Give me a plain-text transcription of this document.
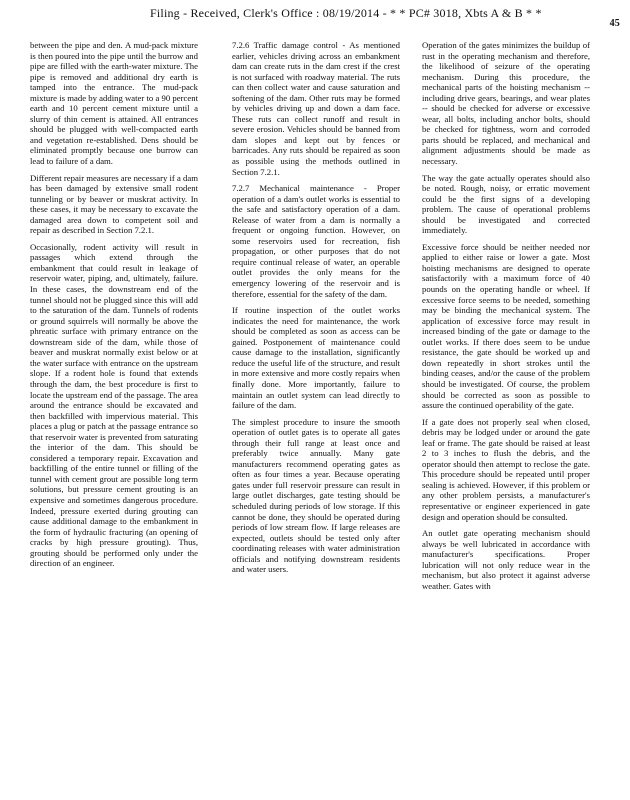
Filing - Received, Clerk's Office : 08/19/2014 - * * PC# 3018, Xbts A & B * *
45

between the pipe and den. A mud-pack mixture is then poured into the pipe until the burrow and pipe are filled with the earth-water mixture. The pipe is removed and additional dry earth is tamped into the entrance. The mud-pack mixture is made by adding water to a 90 percent earth and 10 percent cement mixture until a slurry of thin cement is attained. All entrances should be plugged with well-compacted earth and vegetation re-established. Dens should be eliminated promptly because one burrow can lead to failure of a dam.

Different repair measures are necessary if a dam has been damaged by extensive small rodent tunneling or by beaver or muskrat activity. In these cases, it may be necessary to excavate the damaged area down to competent soil and repair as described in Section 7.2.1.

Occasionally, rodent activity will result in passages which extend through the embankment that could result in leakage of reservoir water, piping, and, ultimately, failure. In these cases, the downstream end of the tunnel should not be plugged since this will add to the saturation of the dam. Tunnels of rodents or ground squirrels will normally be above the phreatic surface with primary entrance on the downstream side of the dam, while those of beaver and muskrat normally exist below or at the water surface with entrance on the upstream slope. If a rodent hole is found that extends through the dam, the best procedure is first to locate the upstream end of the passage. The area around the entrance should be excavated and then backfilled with impervious material. This places a plug or patch at the passage entrance so that reservoir water is prevented from saturating the interior of the dam. This should be considered a temporary repair. Excavation and backfilling of the entire tunnel or filling of the tunnel with cement grout are possible long term solutions, but pressure cement grouting is an expensive and sometimes dangerous procedure. Indeed, pressure exerted during grouting can cause additional damage to the embankment in the form of hydraulic fracturing (an opening of cracks by high pressure grouting). Thus, grouting should be performed only under the direction of an engineer.

7.2.6 Traffic damage control - As mentioned earlier, vehicles driving across an embankment dam can create ruts in the dam crest if the crest is not surfaced with roadway material. The ruts can then collect water and cause saturation and softening of the dam. Other ruts may be formed by vehicles driving up and down a dam face. These ruts can collect runoff and result in severe erosion. Vehicles should be banned from dam slopes and kept out by fences or barricades. Any ruts should be repaired as soon as possible using the methods outlined in Section 7.2.1.

7.2.7 Mechanical maintenance - Proper operation of a dam's outlet works is essential to the safe and satisfactory operation of a dam. Release of water from a dam is normally a frequent or ongoing function. However, on some reservoirs used for recreation, fish propagation, or other purposes that do not require continual release of water, an operable outlet provides the only means for the emergency lowering of the reservoir and is therefore, essential for the safety of the dam.

If routine inspection of the outlet works indicates the need for maintenance, the work should be completed as soon as access can be gained. Postponement of maintenance could cause damage to the installation, significantly reduce the useful life of the structure, and result in more extensive and more costly repairs when finally done. More importantly, failure to maintain an outlet system can lead directly to failure of the dam.

The simplest procedure to insure the smooth operation of outlet gates is to operate all gates through their full range at least once and preferably twice annually. Many gate manufacturers recommend operating gates as often as four times a year. Because operating gates under full reservoir pressure can result in large outlet discharges, gate testing should be scheduled during periods of low storage. If this cannot be done, they should be operated during periods of low stream flow. If large releases are expected, outlets should be tested only after coordinating releases with water administration officials and notifying downstream residents and water users.

Operation of the gates minimizes the buildup of rust in the operating mechanism and therefore, the likelihood of seizure of the operating mechanism. During this procedure, the mechanical parts of the hoisting mechanism -- including drive gears, bearings, and wear plates -- should be checked for adverse or excessive wear, all bolts, including anchor bolts, should be checked for tightness, worn and corroded parts should be replaced, and mechanical and alignment adjustments should be made as necessary.

The way the gate actually operates should also be noted. Rough, noisy, or erratic movement could be the first signs of a developing problem. The cause of operational problems should be investigated and corrected immediately.

Excessive force should be neither needed nor applied to either raise or lower a gate. Most hoisting mechanisms are designed to operate satisfactorily with a maximum force of 40 pounds on the operating handle or wheel. If excessive force seems to be needed, something may be binding the mechanical system. The application of excessive force may result in increased binding of the gate or damage to the outlet works. If there does seem to be undue resistance, the gate should be worked up and down repeatedly in short strokes until the binding ceases, and/or the cause of the problem should be investigated. Of course, the problem should be corrected as soon as possible to assure the continued operability of the gate.

If a gate does not properly seal when closed, debris may be lodged under or around the gate leaf or frame. The gate should be raised at least 2 to 3 inches to flush the debris, and the operator should then attempt to reclose the gate. This procedure should be repeated until proper sealing is achieved. However, if this problem or any other problem persists, a manufacturer's representative or engineer experienced in gate design and operation should be consulted.

An outlet gate operating mechanism should always be well lubricated in accordance with manufacturer's specifications. Proper lubrication will not only reduce wear in the mechanism, but also protect it against adverse weather. Gates with
